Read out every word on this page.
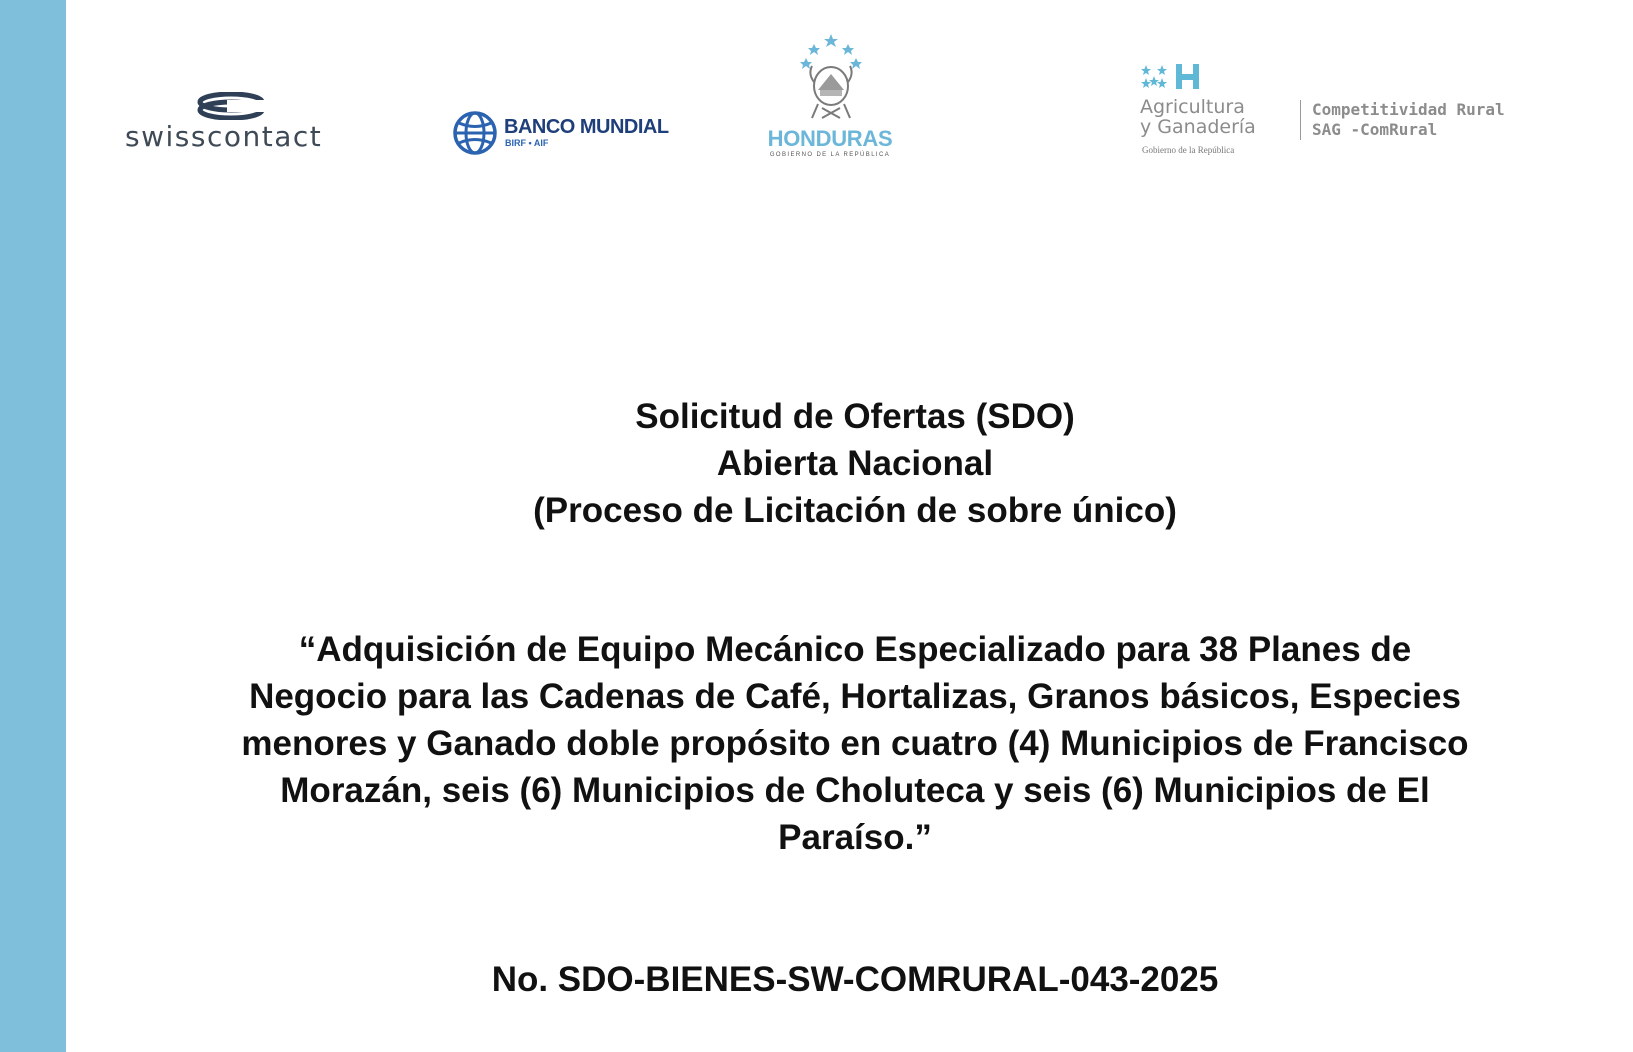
swisscontact	BANCO MUNDIAL
BIRF • AIF	HONDURAS
GOBIERNO DE LA REPÚBLICA
Agricultura
y Ganadería
Gobierno de la República
Competitividad Rural
SAG -ComRural
Solicitud de Ofertas (SDO)
Abierta Nacional
(Proceso de Licitación de sobre único)
“Adquisición de Equipo Mecánico Especializado para 38 Planes de Negocio para las Cadenas de Café, Hortalizas, Granos básicos, Especies menores y Ganado doble propósito en cuatro (4) Municipios de Francisco Morazán, seis (6) Municipios de Choluteca y seis (6) Municipios de El Paraíso.”
No. SDO-BIENES-SW-COMRURAL-043-2025
